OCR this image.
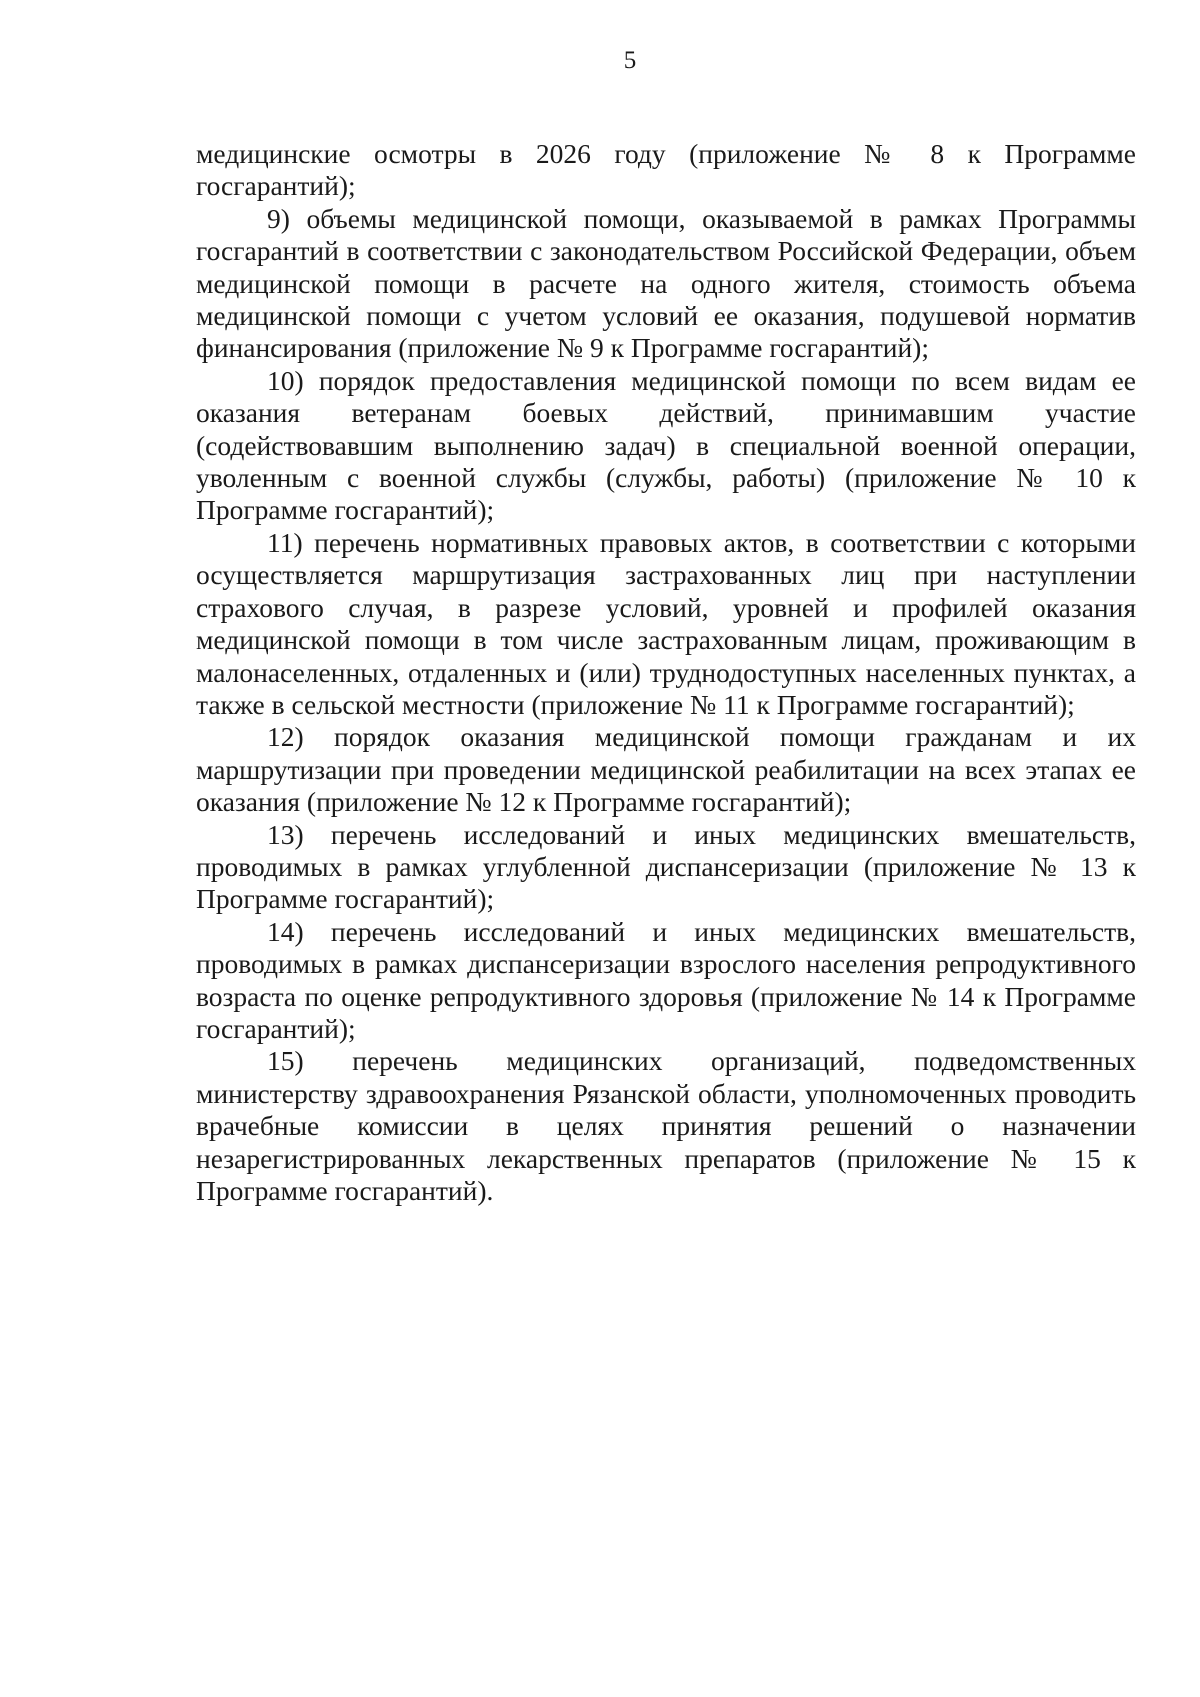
5

медицинские осмотры в 2026 году (приложение № 8 к Программе госгарантий);

9) объемы медицинской помощи, оказываемой в рамках Программы госгарантий в соответствии с законодательством Российской Федерации, объем медицинской помощи в расчете на одного жителя, стоимость объема медицинской помощи с учетом условий ее оказания, подушевой норматив финансирования (приложение № 9 к Программе госгарантий);

10) порядок предоставления медицинской помощи по всем видам ее оказания ветеранам боевых действий, принимавшим участие (содействовавшим выполнению задач) в специальной военной операции, уволенным с военной службы (службы, работы) (приложение № 10 к Программе госгарантий);

11) перечень нормативных правовых актов, в соответствии с которыми осуществляется маршрутизация застрахованных лиц при наступлении страхового случая, в разрезе условий, уровней и профилей оказания медицинской помощи в том числе застрахованным лицам, проживающим в малонаселенных, отдаленных и (или) труднодоступных населенных пунктах, а также в сельской местности (приложение № 11 к Программе госгарантий);

12) порядок оказания медицинской помощи гражданам и их маршрутизации при проведении медицинской реабилитации на всех этапах ее оказания (приложение № 12 к Программе госгарантий);

13) перечень исследований и иных медицинских вмешательств, проводимых в рамках углубленной диспансеризации (приложение № 13 к Программе госгарантий);

14) перечень исследований и иных медицинских вмешательств, проводимых в рамках диспансеризации взрослого населения репродуктивного возраста по оценке репродуктивного здоровья (приложение № 14 к Программе госгарантий);

15) перечень медицинских организаций, подведомственных министерству здравоохранения Рязанской области, уполномоченных проводить врачебные комиссии в целях принятия решений о назначении незарегистрированных лекарственных препаратов (приложение № 15 к Программе госгарантий).
